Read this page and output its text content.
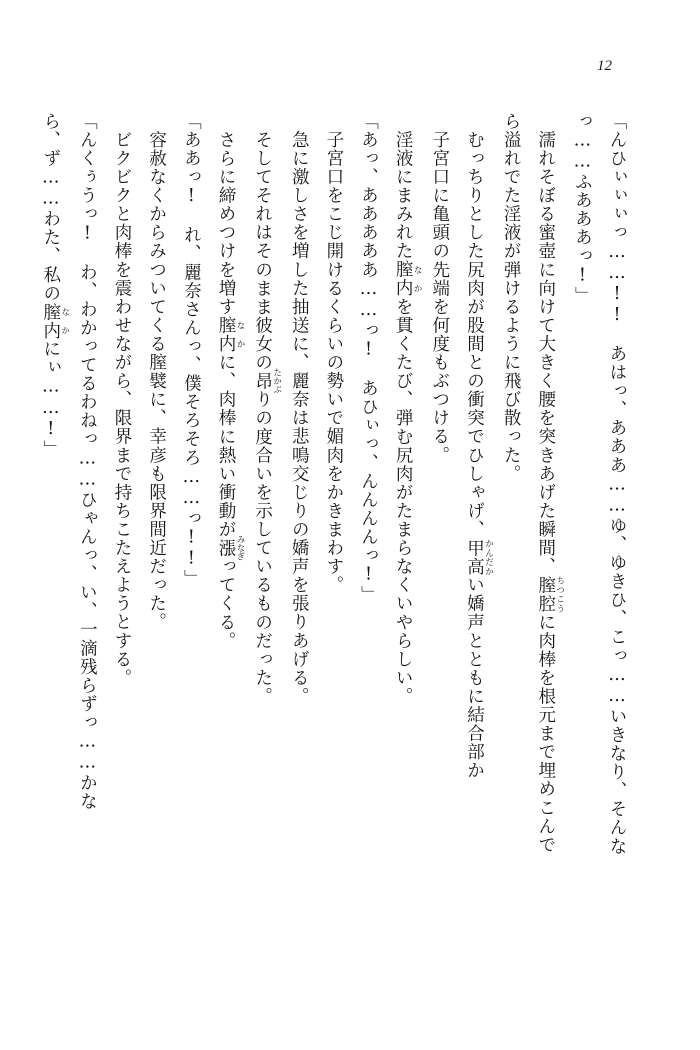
12

「んひぃぃぃっ……!!　あはっ、あああ……ゆ、ゆきひ、こっ……いきなり、そんな

っ……ふあああっ!」

　濡れそぼる蜜壺に向けて大きく腰を突きあげた瞬間、膣腔 ちつこうに肉棒を根元まで埋めこんで

ら溢れでた淫液が弾けるように飛び散った。

　むっちりとした尻肉が股間との衝突でひしゃげ、甲高 かんだかい嬌声とともに結合部か

　子宮口に亀頭の先端を何度もぶつける。

　淫液にまみれた膣内 なかを貫くたび、弾む尻肉がたまらなくいやらしい。

「あっ、あああああ……っ!　あひぃっ、んんんんっ!」

　子宮口をこじ開けるくらいの勢いで媚肉をかきまわす。

　急に激しさを増した抽送に、麗奈は悲鳴交じりの嬌声を張りあげる。

　そしてそれはそのまま彼女の昂 たかぶりの度合いを示しているものだった。

　さらに締めつけを増す膣内 なかに、肉棒に熱い衝動が漲 みなぎってくる。

「ああっ!　れ、麗奈さんっ、僕そろそろ……っ!!」

　容赦なくからみついてくる膣襞に、幸彦も限界間近だった。

　ビクビクと肉棒を震わせながら、限界まで持ちこたえようとする。

「んくぅうっ!　わ、わかってるわねっ……ひゃんっ、い、一滴残らずっ……かな

ら、ず……わた、私の膣内 なかにぃ……!」
